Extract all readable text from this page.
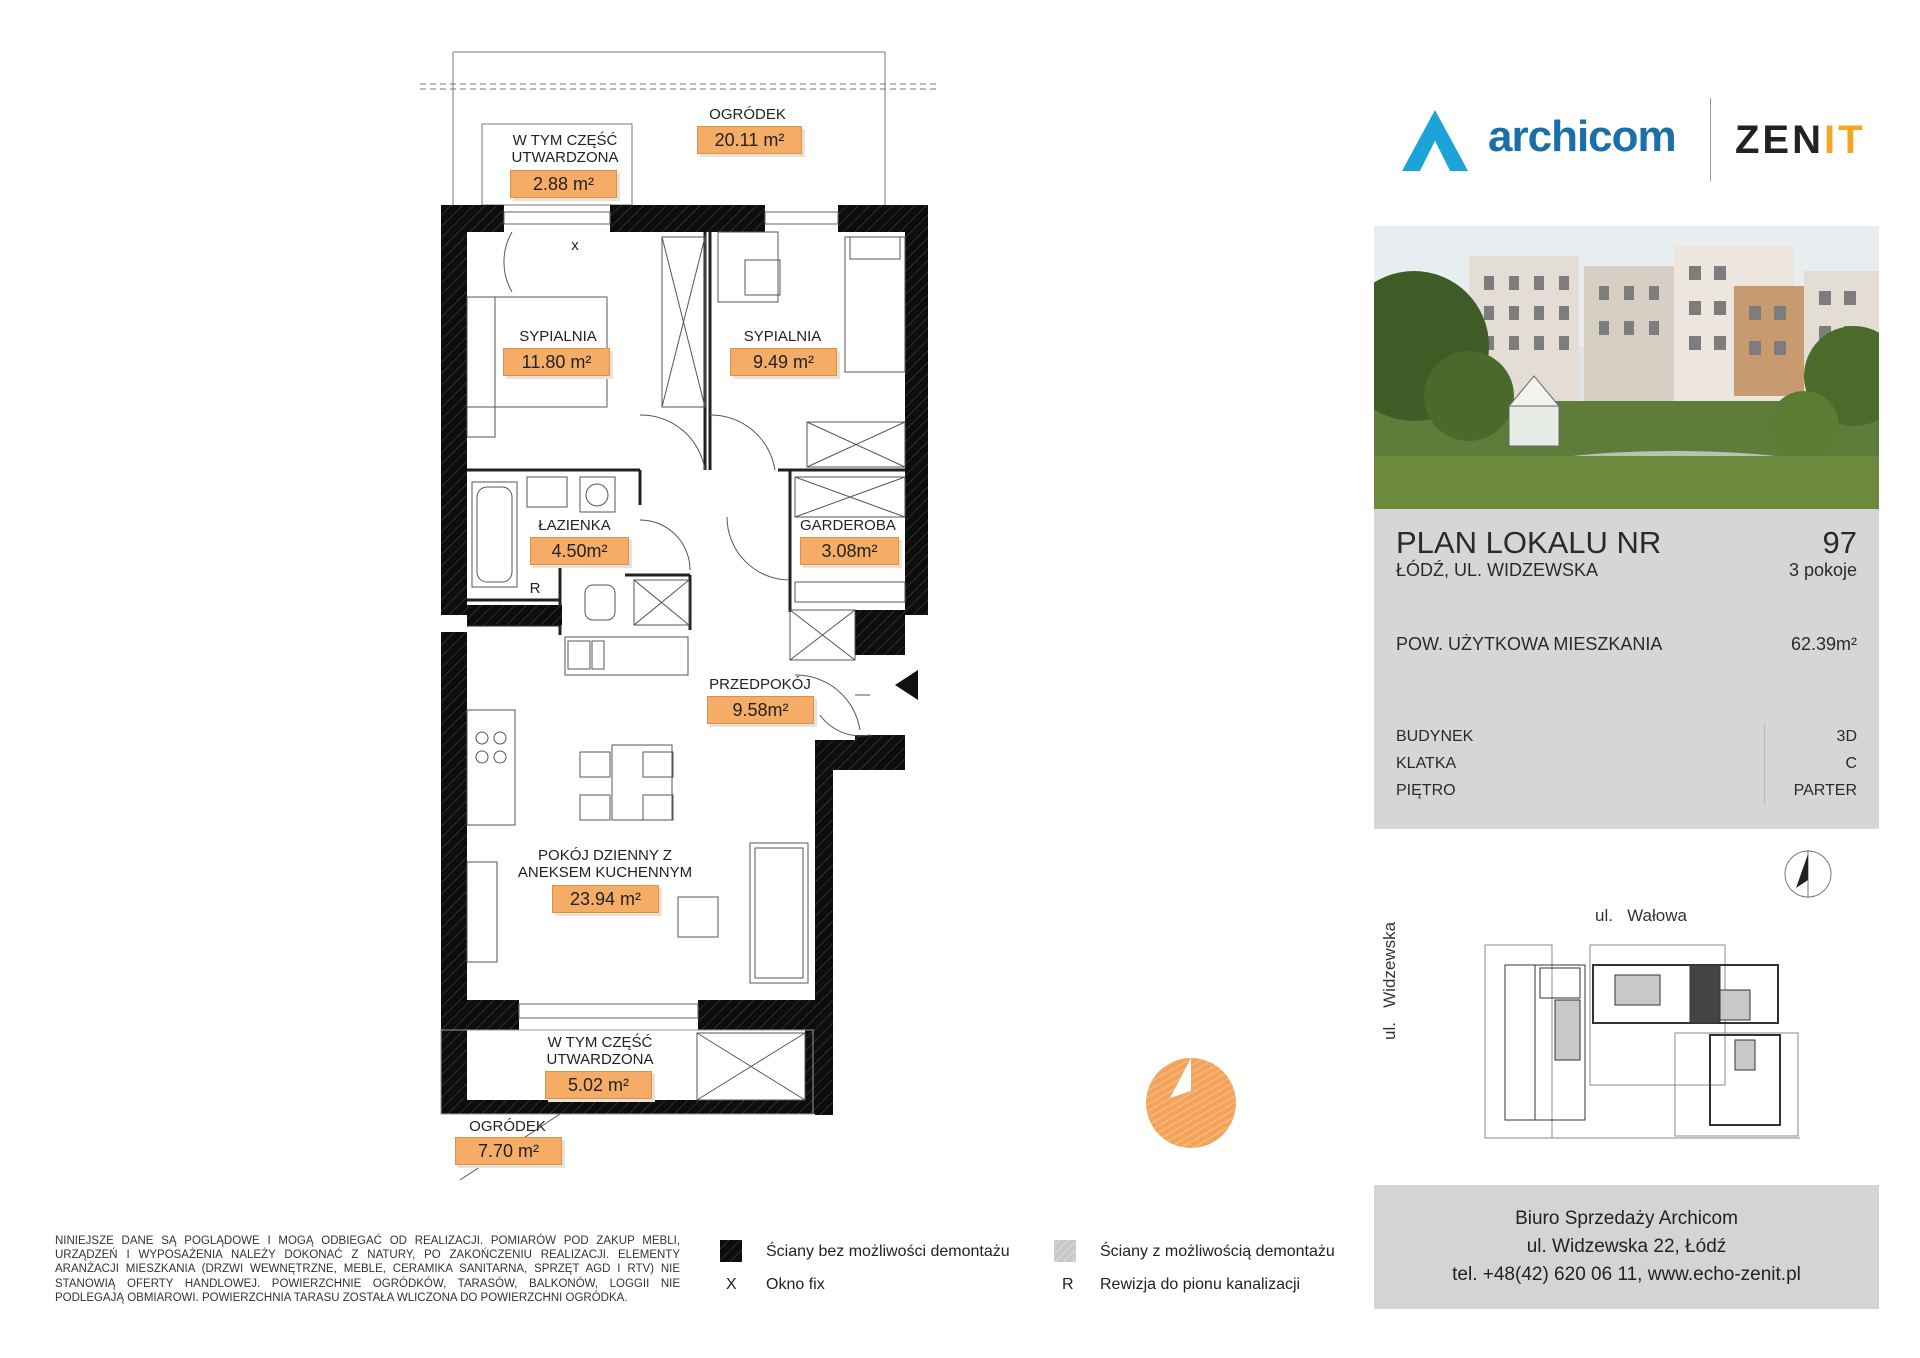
OGRÓDEK
20.11 m²
W TYM CZĘŚĆ
UTWARDZONA
2.88 m²
x
SYPIALNIA
11.80 m²
SYPIALNIA
9.49 m²
ŁAZIENKA
4.50m²
R
GARDEROBA
3.08m²
PRZEDPOKÓJ
9.58m²
POKÓJ DZIENNY Z
ANEKSEM KUCHENNYM
23.94 m²
W TYM CZĘŚĆ
UTWARDZONA
5.02 m²
OGRÓDEK
7.70 m²
archicom ZENIT
PLAN LOKALU NR	97
ŁÓDŹ, UL. WIDZEWSKA	3 pokoje
POW. UŻYTKOWA MIESZKANIA	62.39m²
BUDYNEK	3D
KLATKA	C
PIĘTRO	PARTER
ul.   Wałowa
ul.   Widzewska
NINIEJSZE DANE SĄ POGLĄDOWE I MOGĄ ODBIEGAĆ OD REALIZACJI. POMIARÓW POD ZAKUP MEBLI, URZĄDZEŃ I WYPOSAŻENIA NALEŻY DOKONAĆ Z NATURY, PO ZAKOŃCZENIU REALIZACJI. ELEMENTY ARANŻACJI MIESZKANIA (DRZWI WEWNĘTRZNE, MEBLE, CERAMIKA SANITARNA, SPRZĘT AGD I RTV) NIE STANOWIĄ OFERTY HANDLOWEJ. POWIERZCHNIE OGRÓDKÓW, TARASÓW, BALKONÓW, LOGGII NIE PODLEGAJĄ OBMIAROWI. POWIERZCHNIA TARASU ZOSTAŁA WLICZONA DO POWIERZCHNI OGRÓDKA.
Ściany bez możliwości demontażu	Ściany z możliwością demontażu
X Okno fix	R Rewizja do pionu kanalizacji
Biuro Sprzedaży Archicom
ul. Widzewska 22, Łódź
tel. +48(42) 620 06 11, www.echo-zenit.pl
